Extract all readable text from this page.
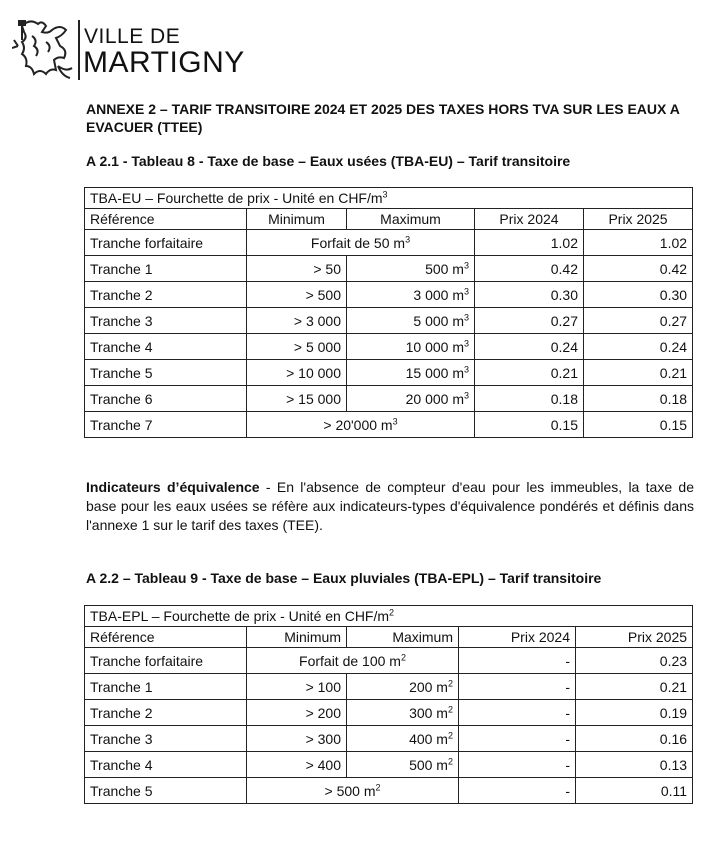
VILLE DE
MARTIGNY
ANNEXE 2 – TARIF TRANSITOIRE 2024 ET 2025 DES TAXES HORS TVA SUR LES EAUX A EVACUER (TTEE)
A 2.1 - Tableau 8 - Taxe de base – Eaux usées (TBA-EU) – Tarif transitoire
TBA-EU – Fourchette de prix - Unité en CHF/$m^3$
Référence	Minimum	Maximum	Prix 2024	Prix 2025
Tranche forfaitaire	Forfait de 50 $m^3$		1.02	1.02
Tranche 1	> 50	500 $m^3$	0.42	0.42
Tranche 2	> 500	3 000 $m^3$	0.30	0.30
Tranche 3	> 3 000	5 000 $m^3$	0.27	0.27
Tranche 4	> 5 000	10 000 $m^3$	0.24	0.24
Tranche 5	> 10 000	15 000 $m^3$	0.21	0.21
Tranche 6	> 15 000	20 000 $m^3$	0.18	0.18
Tranche 7	> 20'000 $m^3$		0.15	0.15
Indicateurs d’équivalence - En l'absence de compteur d'eau pour les immeubles, la taxe de base pour les eaux usées se réfère aux indicateurs-types d'équivalence pondérés et définis dans l'annexe 1 sur le tarif des taxes (TEE).
A 2.2 – Tableau 9 - Taxe de base – Eaux pluviales (TBA-EPL) – Tarif transitoire
TBA-EPL – Fourchette de prix - Unité en CHF/$m^2$
Référence	Minimum	Maximum	Prix 2024	Prix 2025
Tranche forfaitaire	Forfait de 100 $m^2$		-	0.23
Tranche 1	> 100	200 $m^2$	-	0.21
Tranche 2	> 200	300 $m^2$	-	0.19
Tranche 3	> 300	400 $m^2$	-	0.16
Tranche 4	> 400	500 $m^2$	-	0.13
Tranche 5	> 500 $m^2$		-	0.11
